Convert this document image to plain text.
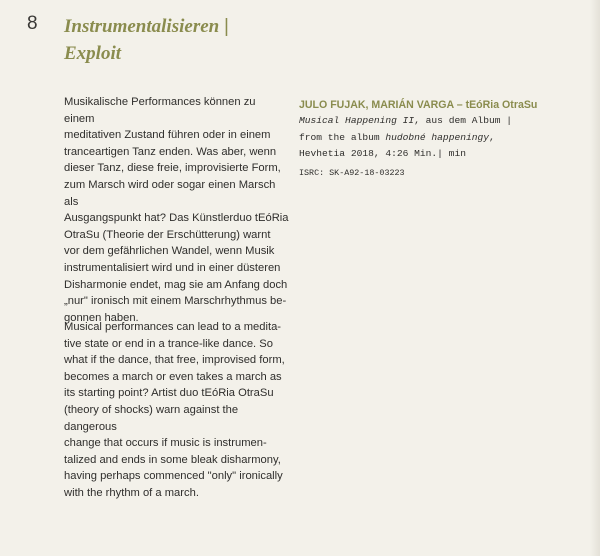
8 Instrumentalisieren |
Exploit
Musikalische Performances können zu einem
meditativen Zustand führen oder in einem
tranceartigen Tanz enden. Was aber, wenn
dieser Tanz, diese freie, improvisierte Form,
zum Marsch wird oder sogar einen Marsch als
Ausgangspunkt hat? Das Künstlerduo tEóRia
OtraSu (Theorie der Erschütterung) warnt
vor dem gefährlichen Wandel, wenn Musik
instrumentalisiert wird und in einer düsteren
Disharmonie endet, mag sie am Anfang doch
„nur" ironisch mit einem Marschrhythmus be-
gonnen haben.
Musical performances can lead to a medita-
tive state or end in a trance-like dance. So
what if the dance, that free, improvised form,
becomes a march or even takes a march as
its starting point? Artist duo tEóRia OtraSu
(theory of shocks) warn against the dangerous
change that occurs if music is instrumen-
talized and ends in some bleak disharmony,
having perhaps commenced "only" ironically
with the rhythm of a march.
JULO FUJAK, MARIÁN VARGA – tEóRia OtraSu
Musical Happening II, aus dem Album |
from the album hudobné happeningy,
Hevhetia 2018, 4:26 Min.| min
ISRC: SK-A92-18-03223
